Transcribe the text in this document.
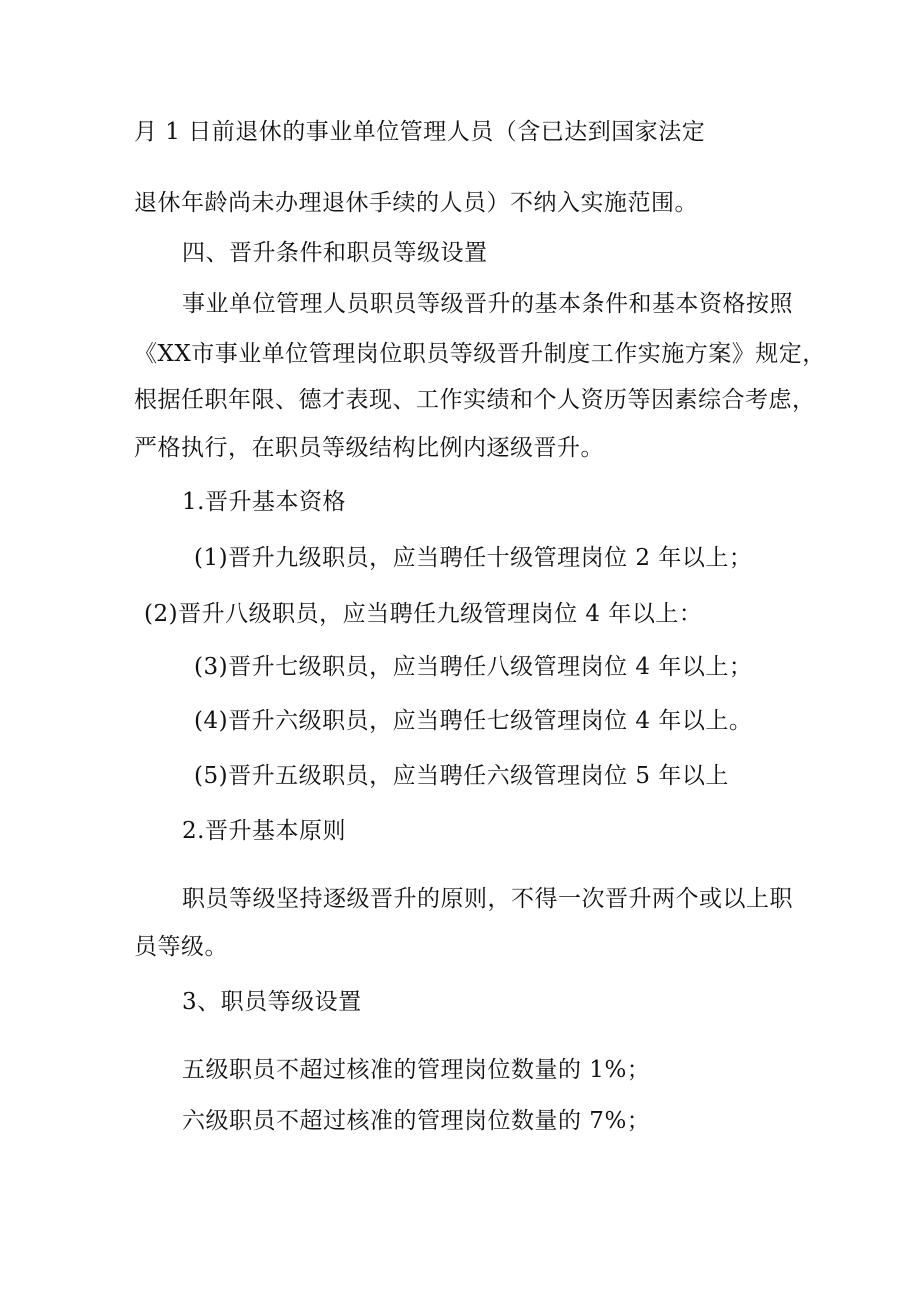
月 1 日前退休的事业单位管理人员（含已达到国家法定
退休年龄尚未办理退休手续的人员）不纳入实施范围。
四、晋升条件和职员等级设置
事业单位管理人员职员等级晋升的基本条件和基本资格按照
《XX市事业单位管理岗位职员等级晋升制度工作实施方案》规定，
根据任职年限、德才表现、工作实绩和个人资历等因素综合考虑，
严格执行，在职员等级结构比例内逐级晋升。
1.晋升基本资格
(1)晋升九级职员，应当聘任十级管理岗位 2 年以上；
(2)晋升八级职员，应当聘任九级管理岗位 4 年以上：
(3)晋升七级职员，应当聘任八级管理岗位 4 年以上；
(4)晋升六级职员，应当聘任七级管理岗位 4 年以上。
(5)晋升五级职员，应当聘任六级管理岗位 5 年以上
2.晋升基本原则
职员等级坚持逐级晋升的原则，不得一次晋升两个或以上职
员等级。
3、职员等级设置
五级职员不超过核准的管理岗位数量的 1%；
六级职员不超过核准的管理岗位数量的 7%；
